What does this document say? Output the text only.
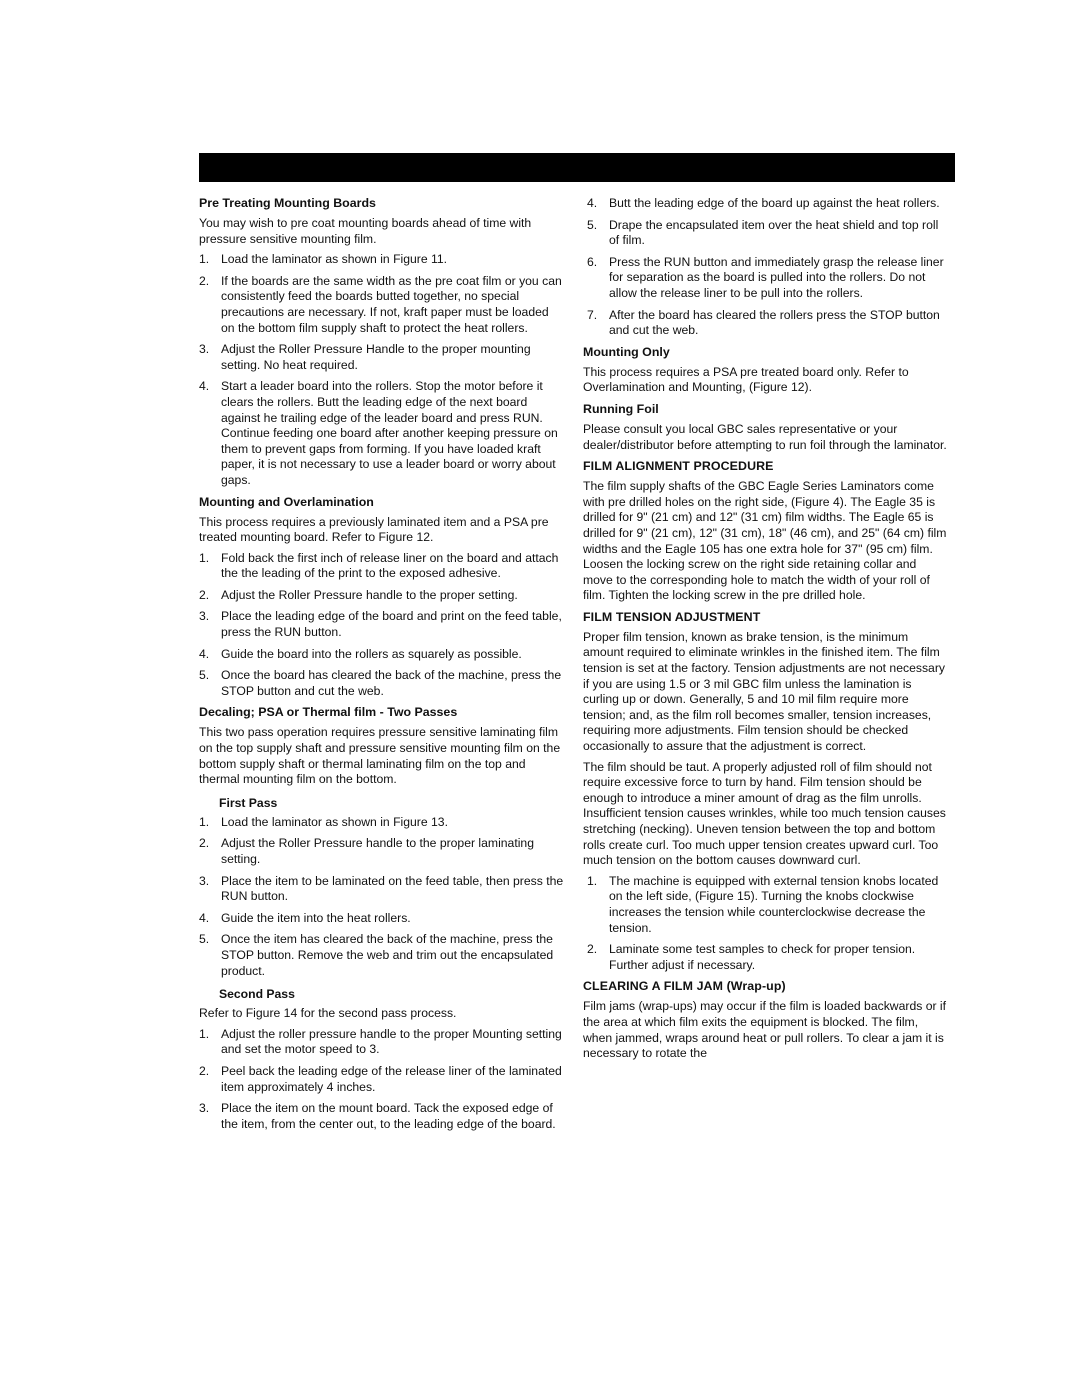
Pre Treating Mounting Boards

You may wish to pre coat mounting boards ahead of time with pressure sensitive mounting film.

1. Load the laminator as shown in Figure 11.
2. If the boards are the same width as the pre coat film or you can consistently feed the boards butted together, no special precautions are necessary. If not, kraft paper must be loaded on the bottom film supply shaft to protect the heat rollers.
3. Adjust the Roller Pressure Handle to the proper mounting setting. No heat required.
4. Start a leader board into the rollers. Stop the motor before it clears the rollers. Butt the leading edge of the next board against he trailing edge of the leader board and press RUN. Continue feeding one board after another keeping pressure on them to prevent gaps from forming. If you have loaded kraft paper, it is not necessary to use a leader board or worry about gaps.
Mounting and Overlamination

This process requires a previously laminated item and a PSA pre treated mounting board. Refer to Figure 12.

1. Fold back the first inch of release liner on the board and attach the the leading of the print to the exposed adhesive.
2. Adjust the Roller Pressure handle to the proper setting.
3. Place the leading edge of the board and print on the feed table, press the RUN button.
4. Guide the board into the rollers as squarely as possible.
5. Once the board has cleared the back of the machine, press the STOP button and cut the web.
Decaling; PSA or Thermal film - Two Passes

This two pass operation requires pressure sensitive laminating film on the top supply shaft and pressure sensitive mounting film on the bottom supply shaft or thermal laminating film on the top and thermal mounting film on the bottom.

First Pass
1. Load the laminator as shown in Figure 13.
2. Adjust the Roller Pressure handle to the proper laminating setting.
3. Place the item to be laminated on the feed table, then press the RUN button.
4. Guide the item into the heat rollers.
5. Once the item has cleared the back of the machine, press the STOP button. Remove the web and trim out the encapsulated product.
Second Pass

Refer to Figure 14 for the second pass process.

1. Adjust the roller pressure handle to the proper Mounting setting and set the motor speed to 3.
2. Peel back the leading edge of the release liner of the laminated item approximately 4 inches.
3. Place the item on the mount board. Tack the exposed edge of the item, from the center out, to the leading edge of the board.
4. Butt the leading edge of the board up against the heat rollers.
5. Drape the encapsulated item over the heat shield and top roll of film.
6. Press the RUN button and immediately grasp the release liner for separation as the board is pulled into the rollers. Do not allow the release liner to be pull into the rollers.
7. After the board has cleared the rollers press the STOP button and cut the web.
Mounting Only

This process requires a PSA pre treated board only. Refer to Overlamination and Mounting, (Figure 12).

Running Foil

Please consult you local GBC sales representative or your dealer/distributor before attempting to run foil through the laminator.

FILM ALIGNMENT PROCEDURE

The film supply shafts of the GBC Eagle Series Laminators come with pre drilled holes on the right side, (Figure 4). The Eagle 35 is drilled for 9" (21 cm) and 12" (31 cm) film widths. The Eagle 65 is drilled for 9" (21 cm), 12" (31 cm), 18" (46 cm), and 25" (64 cm) film widths and the Eagle 105 has one extra hole for 37" (95 cm) film. Loosen the locking screw on the right side retaining collar and move to the corresponding hole to match the width of your roll of film. Tighten the locking screw in the pre drilled hole.

FILM TENSION ADJUSTMENT

Proper film tension, known as brake tension, is the minimum amount required to eliminate wrinkles in the finished item. The film tension is set at the factory. Tension adjustments are not necessary if you are using 1.5 or 3 mil GBC film unless the lamination is curling up or down. Generally, 5 and 10 mil film require more tension; and, as the film roll becomes smaller, tension increases, requiring more adjustments. Film tension should be checked occasionally to assure that the adjustment is correct.

The film should be taut. A properly adjusted roll of film should not require excessive force to turn by hand. Film tension should be enough to introduce a miner amount of drag as the film unrolls. Insufficient tension causes wrinkles, while too much tension causes stretching (necking). Uneven tension between the top and bottom rolls create curl. Too much upper tension creates upward curl. Too much tension on the bottom causes downward curl.

1. The machine is equipped with external tension knobs located on the left side, (Figure 15). Turning the knobs clockwise increases the tension while counterclockwise decrease the tension.
2. Laminate some test samples to check for proper tension. Further adjust if necessary.
CLEARING A FILM JAM (Wrap-up)

Film jams (wrap-ups) may occur if the film is loaded backwards or if the area at which film exits the equipment is blocked. The film, when jammed, wraps around heat or pull rollers. To clear a jam it is necessary to rotate the
